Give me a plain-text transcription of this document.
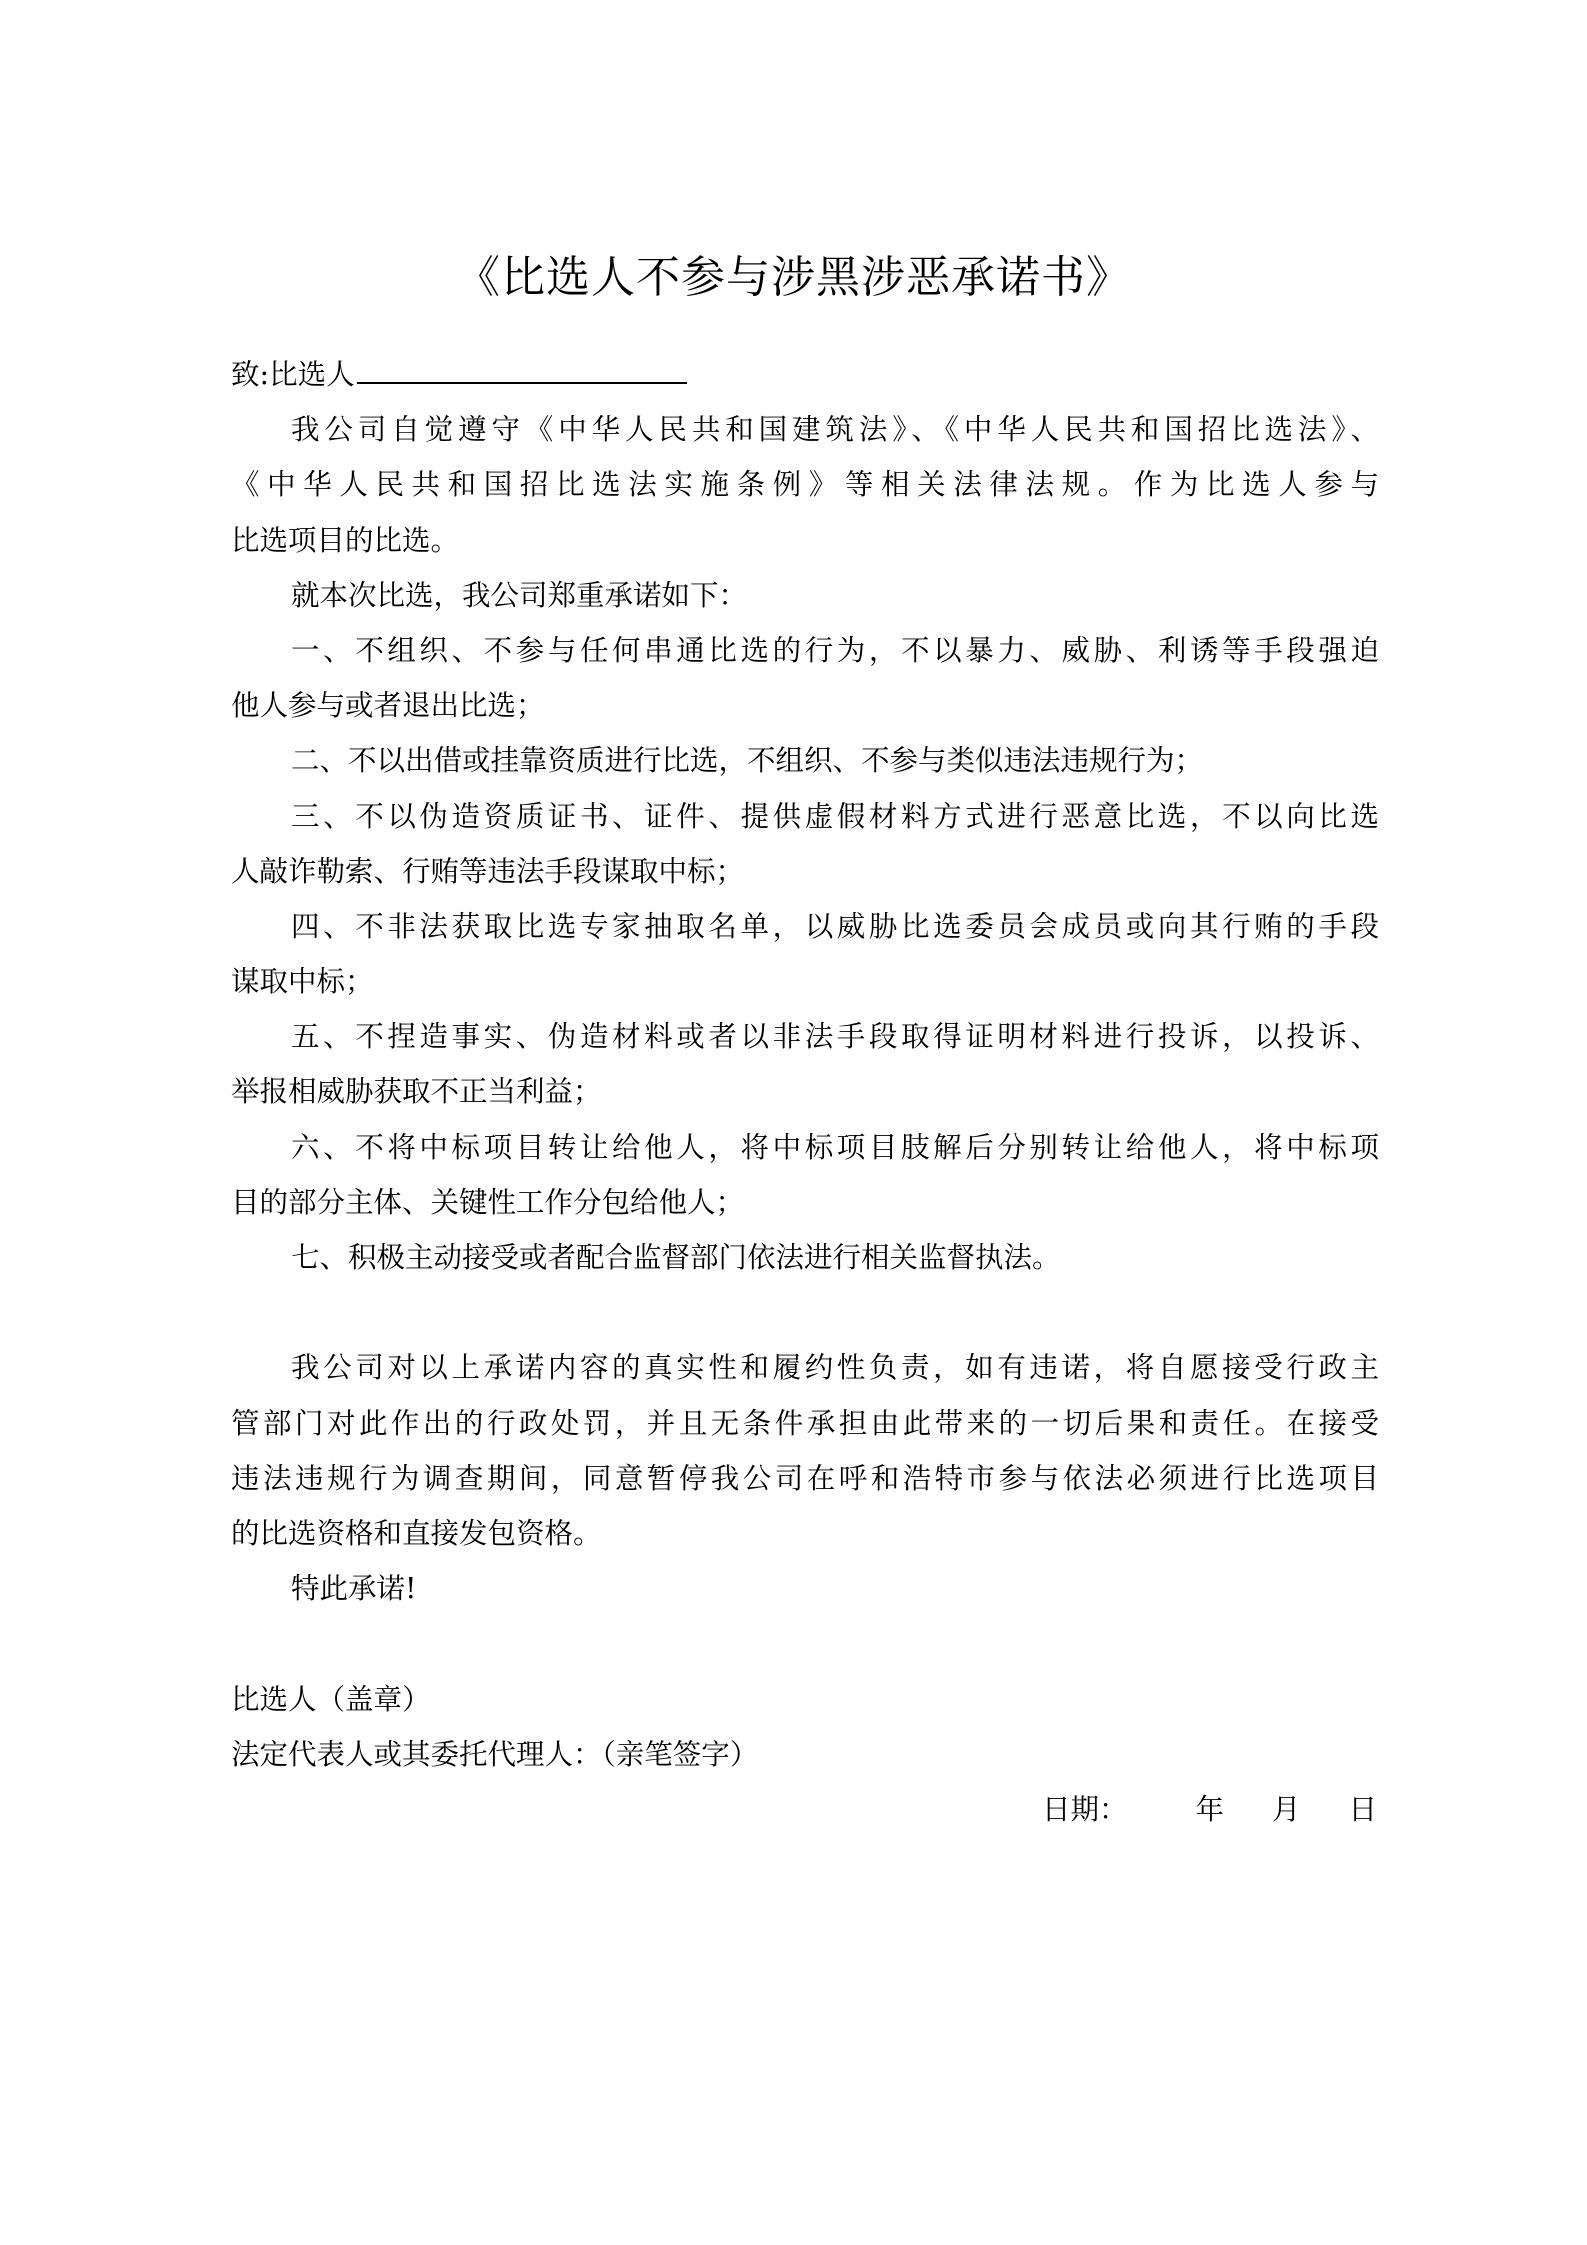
《比选人不参与涉黑涉恶承诺书》
致:比选人
我公司自觉遵守《中华人民共和国建筑法》、《中华人民共和国招比选法》、
《中华人民共和国招比选法实施条例》等相关法律法规。作为比选人参与
比选项目的比选。
就本次比选，我公司郑重承诺如下：
一、不组织、不参与任何串通比选的行为，不以暴力、威胁、利诱等手段强迫
他人参与或者退出比选；
二、不以出借或挂靠资质进行比选，不组织、不参与类似违法违规行为；
三、不以伪造资质证书、证件、提供虚假材料方式进行恶意比选，不以向比选
人敲诈勒索、行贿等违法手段谋取中标；
四、不非法获取比选专家抽取名单，以威胁比选委员会成员或向其行贿的手段
谋取中标；
五、不捏造事实、伪造材料或者以非法手段取得证明材料进行投诉，以投诉、
举报相威胁获取不正当利益；
六、不将中标项目转让给他人，将中标项目肢解后分别转让给他人，将中标项
目的部分主体、关键性工作分包给他人；
七、积极主动接受或者配合监督部门依法进行相关监督执法。
我公司对以上承诺内容的真实性和履约性负责，如有违诺，将自愿接受行政主
管部门对此作出的行政处罚，并且无条件承担由此带来的一切后果和责任。在接受
违法违规行为调查期间，同意暂停我公司在呼和浩特市参与依法必须进行比选项目
的比选资格和直接发包资格。
特此承诺!
比选人（盖章）
法定代表人或其委托代理人：（亲笔签字）
日期： 年 月 日
